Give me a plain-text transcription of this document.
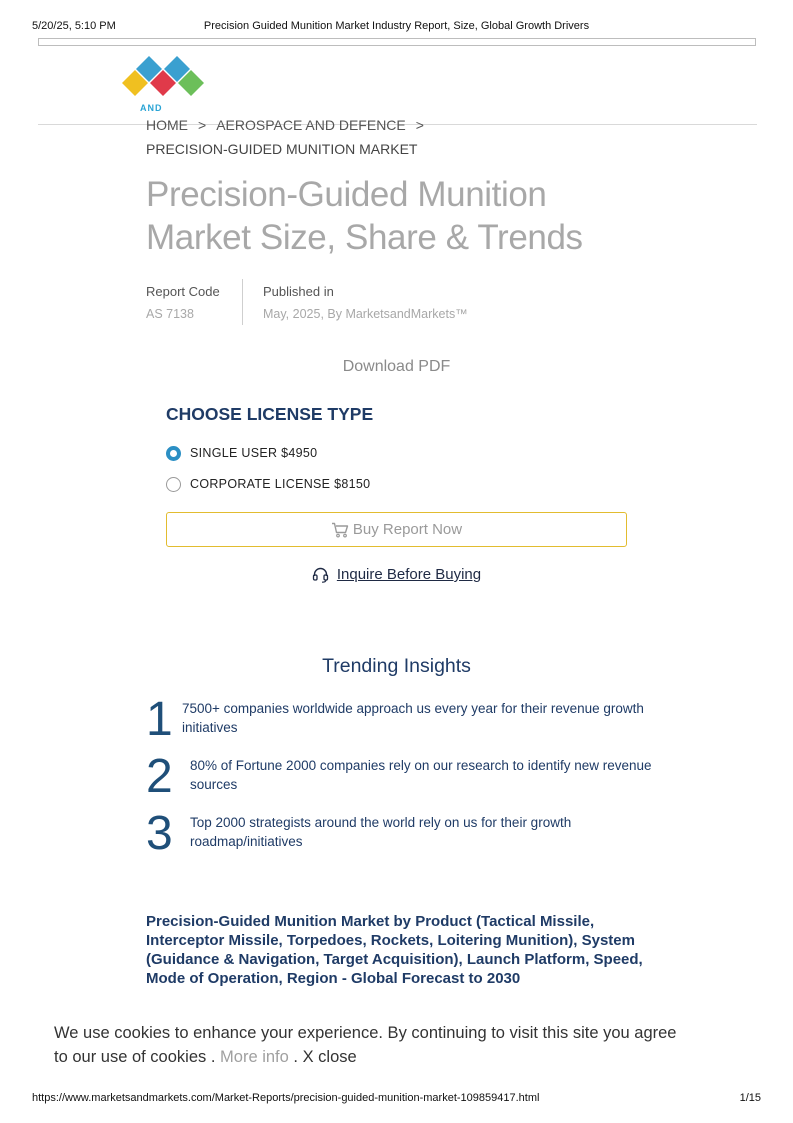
5/20/25, 5:10 PM	Precision Guided Munition Market Industry Report, Size, Global Growth Drivers
AND
HOME > AEROSPACE AND DEFENCE >
PRECISION-GUIDED MUNITION MARKET
Precision-Guided Munition
Market Size, Share & Trends
Report Code
AS 7138
Published in
May, 2025, By MarketsandMarkets™
Download PDF
CHOOSE LICENSE TYPE
SINGLE USER $4950
CORPORATE LICENSE $8150
Buy Report Now
Inquire Before Buying
Trending Insights
1 7500+ companies worldwide approach us every year for their revenue growth initiatives
2 80% of Fortune 2000 companies rely on our research to identify new revenue sources
3 Top 2000 strategists around the world rely on us for their growth roadmap/initiatives
Precision-Guided Munition Market by Product (Tactical Missile, Interceptor Missile, Torpedoes, Rockets, Loitering Munition), System (Guidance & Navigation, Target Acquisition), Launch Platform, Speed, Mode of Operation, Region - Global Forecast to 2030
We use cookies to enhance your experience. By continuing to visit this site you agree to our use of cookies . More info . X close
https://www.marketsandmarkets.com/Market-Reports/precision-guided-munition-market-109859417.html	1/15
